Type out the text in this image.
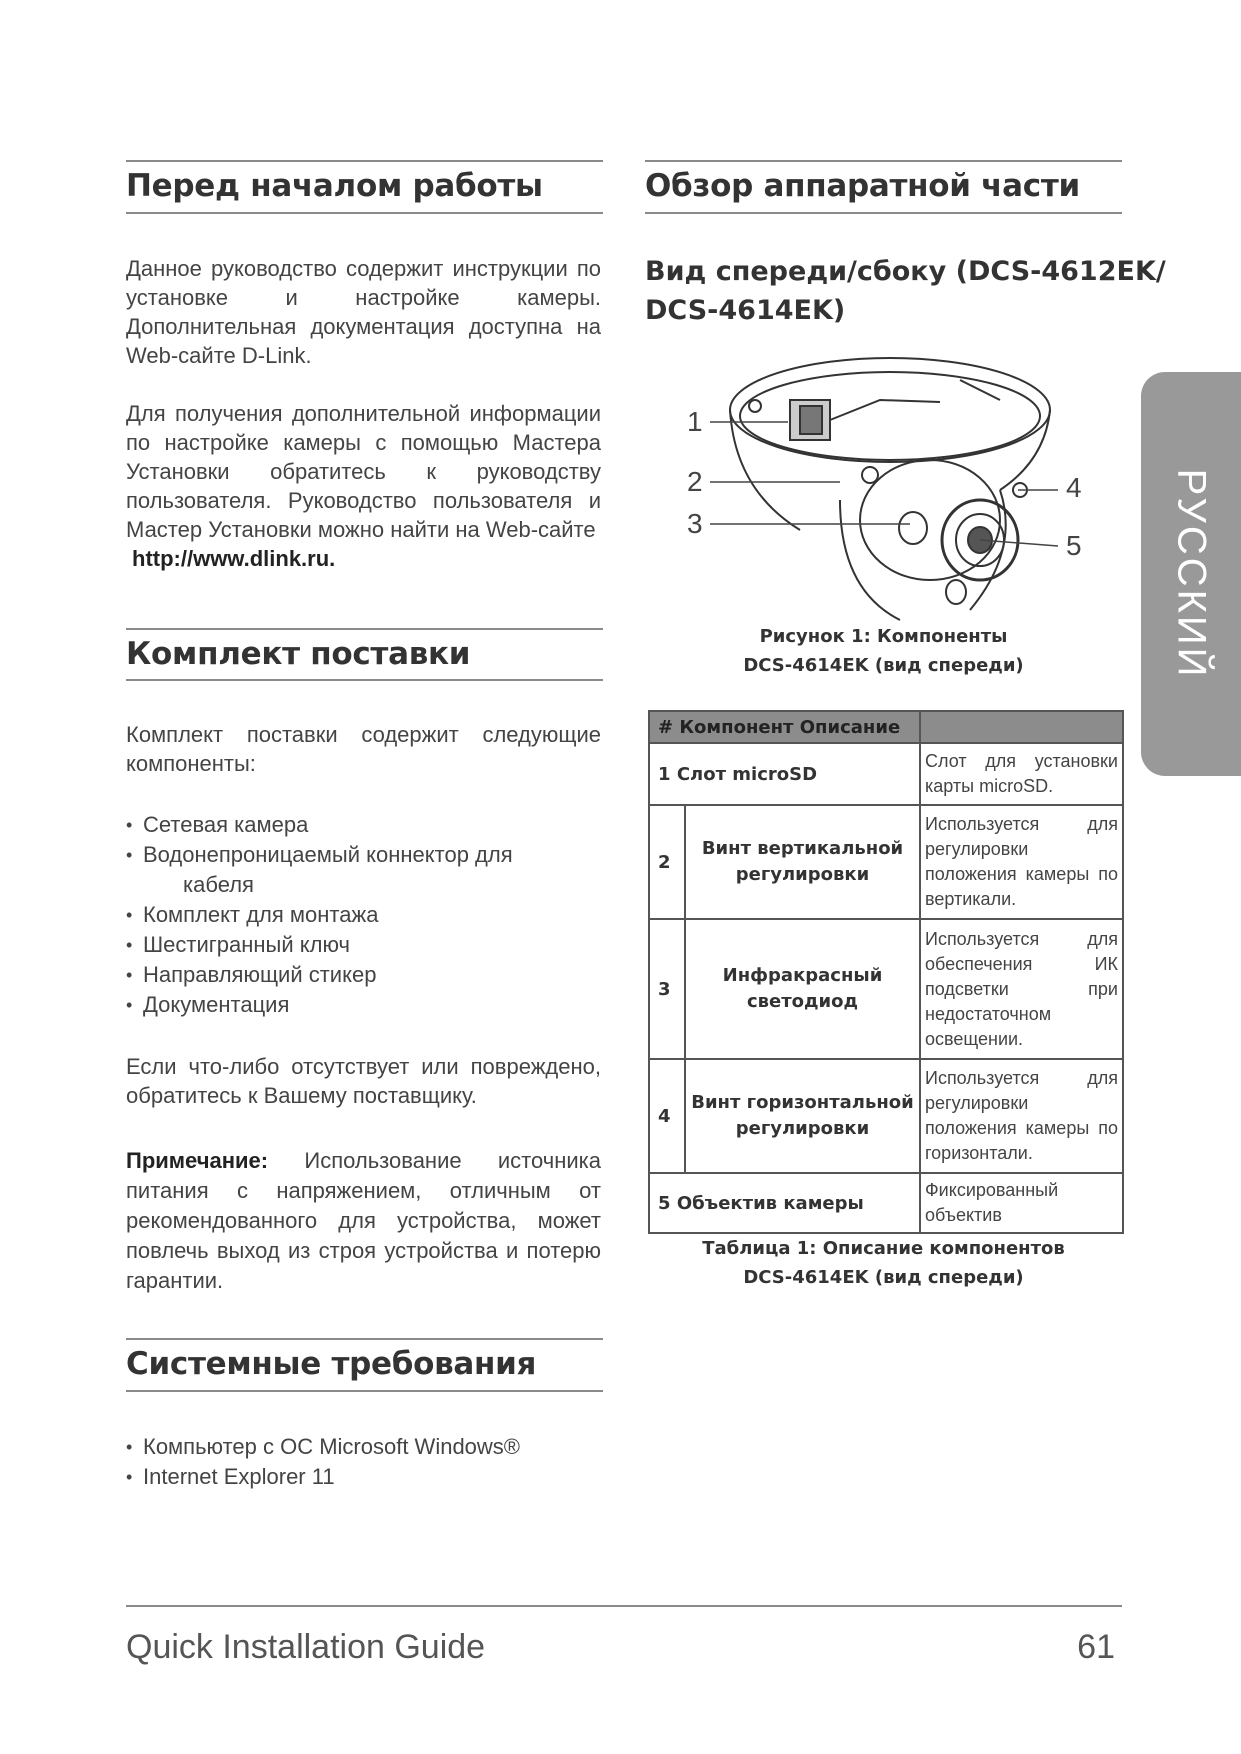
Перед началом работы

Данное руководство содержит инструкции по установке и настройке камеры. Дополнительная документация доступна на Web-сайте D-Link.

Для получения дополнительной информации по настройке камеры с помощью Мастера Установки обратитесь к руководству пользователя. Руководство пользователя и Мастер Установки можно найти на Web-сайте

http://www.dlink.ru.

Комплект поставки
Комплект поставки содержит следующие компоненты:
• Сетевая камера
• Водонепроницаемый коннектор для
кабеля
• Комплект для монтажа
• Шестигранный ключ
• Направляющий стикер
• Документация
Если что-либо отсутствует или повреждено, обратитесь к Вашему поставщику.
Примечание: Использование источника питания с напряжением, отличным от рекомендованного для устройства, может повлечь выход из строя устройства и потерю гарантии.
Системные требования
• Компьютер с ОС Microsoft Windows®
• Internet Explorer 11
Обзор аппаратной части
Вид спереди/сбоку (DCS-4612EK/
DCS-4614EK)
1
2
3
4
5
Рисунок 1: Компоненты
DCS-4614EK (вид спереди)
# Компонент Описание		
1 Слот microSD		Слот для установки карты microSD.
2	Винт вертикальной регулировки	Используется для регулировки положения камеры по вертикали.
3	Инфракрасный светодиод	Используется для обеспечения ИК подсветки при недостаточном освещении.
4	Винт горизонтальной регулировки	Используется для регулировки положения камеры по горизонтали.
5 Объектив камеры		Фиксированный объектив
Таблица 1: Описание компонентов
DCS-4614EK (вид спереди)
РУССКИЙ
Quick Installation Guide	61
